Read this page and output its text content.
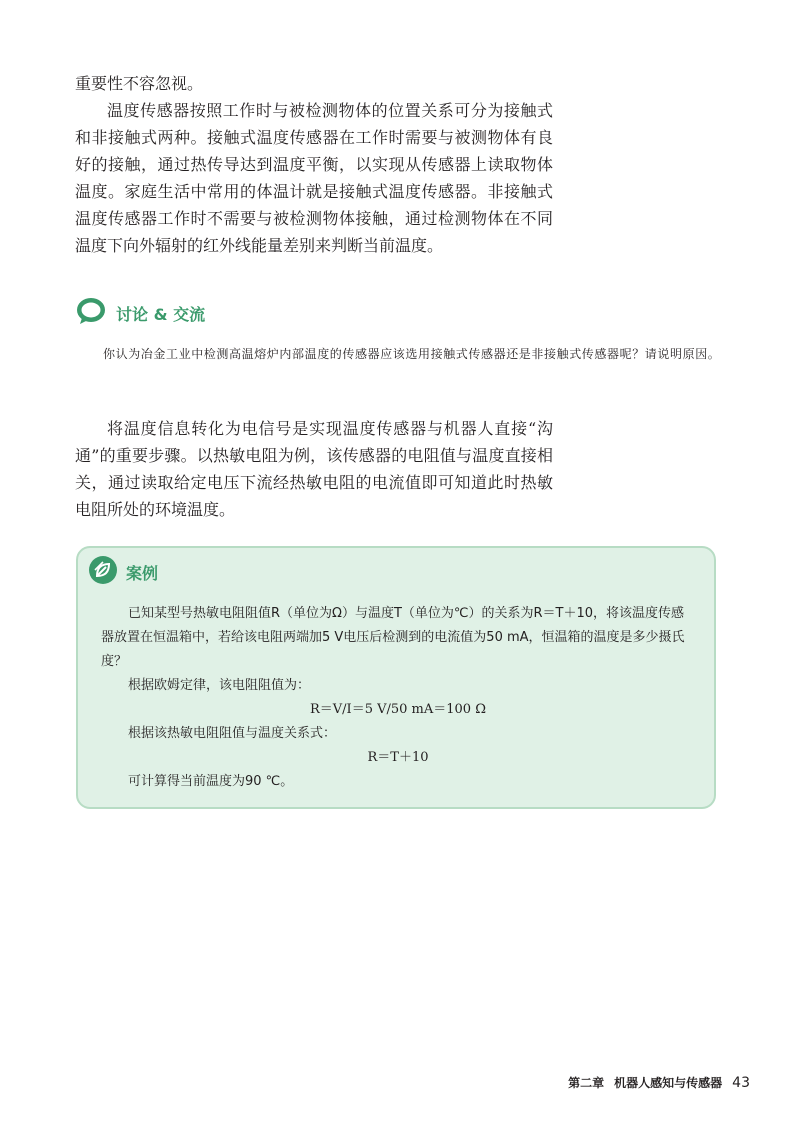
重要性不容忽视。

温度传感器按照工作时与被检测物体的位置关系可分为接触式和非接触式两种。接触式温度传感器在工作时需要与被测物体有良好的接触，通过热传导达到温度平衡，以实现从传感器上读取物体温度。家庭生活中常用的体温计就是接触式温度传感器。非接触式温度传感器工作时不需要与被检测物体接触，通过检测物体在不同温度下向外辐射的红外线能量差别来判断当前温度。

讨论 & 交流

你认为冶金工业中检测高温熔炉内部温度的传感器应该选用接触式传感器还是非接触式传感器呢？请说明原因。

将温度信息转化为电信号是实现温度传感器与机器人直接“沟通”的重要步骤。以热敏电阻为例，该传感器的电阻值与温度直接相关，通过读取给定电压下流经热敏电阻的电流值即可知道此时热敏电阻所处的环境温度。

案例

已知某型号热敏电阻阻值R（单位为Ω）与温度T（单位为℃）的关系为R＝T＋10，将该温度传感器放置在恒温箱中，若给该电阻两端加5 V电压后检测到的电流值为50 mA，恒温箱的温度是多少摄氏度？

根据欧姆定律，该电阻阻值为：

R＝V/I＝5 V/50 mA＝100 Ω

根据该热敏电阻阻值与温度关系式：

R＝T＋10

可计算得当前温度为90 ℃。

第二章 机器人感知与传感器 43
